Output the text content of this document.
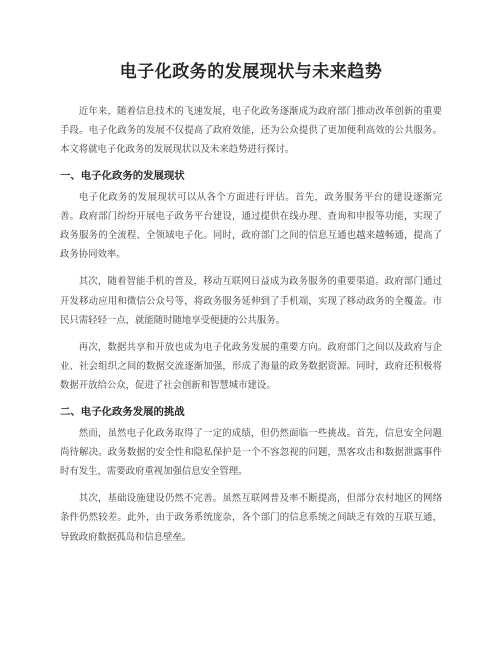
电子化政务的发展现状与未来趋势

近年来，随着信息技术的飞速发展，电子化政务逐渐成为政府部门推动改革创新的重要手段。电子化政务的发展不仅提高了政府效能，还为公众提供了更加便利高效的公共服务。本文将就电子化政务的发展现状以及未来趋势进行探讨。

一、电子化政务的发展现状

电子化政务的发展现状可以从各个方面进行评估。首先，政务服务平台的建设逐渐完善。政府部门纷纷开展电子政务平台建设，通过提供在线办理、查询和申报等功能，实现了政务服务的全流程、全领域电子化。同时，政府部门之间的信息互通也越来越畅通，提高了政务协同效率。

其次，随着智能手机的普及，移动互联网日益成为政务服务的重要渠道。政府部门通过开发移动应用和微信公众号等，将政务服务延伸到了手机端，实现了移动政务的全覆盖。市民只需轻轻一点，就能随时随地享受便捷的公共服务。

再次，数据共享和开放也成为电子化政务发展的重要方向。政府部门之间以及政府与企业、社会组织之间的数据交流逐渐加强，形成了海量的政务数据资源。同时，政府还积极将数据开放给公众，促进了社会创新和智慧城市建设。

二、电子化政务发展的挑战

然而，虽然电子化政务取得了一定的成绩，但仍然面临一些挑战。首先，信息安全问题尚待解决。政务数据的安全性和隐私保护是一个不容忽视的问题，黑客攻击和数据泄露事件时有发生，需要政府重视加强信息安全管理。

其次，基础设施建设仍然不完善。虽然互联网普及率不断提高，但部分农村地区的网络条件仍然较差。此外，由于政务系统庞杂，各个部门的信息系统之间缺乏有效的互联互通，导致政府数据孤岛和信息壁垒。
